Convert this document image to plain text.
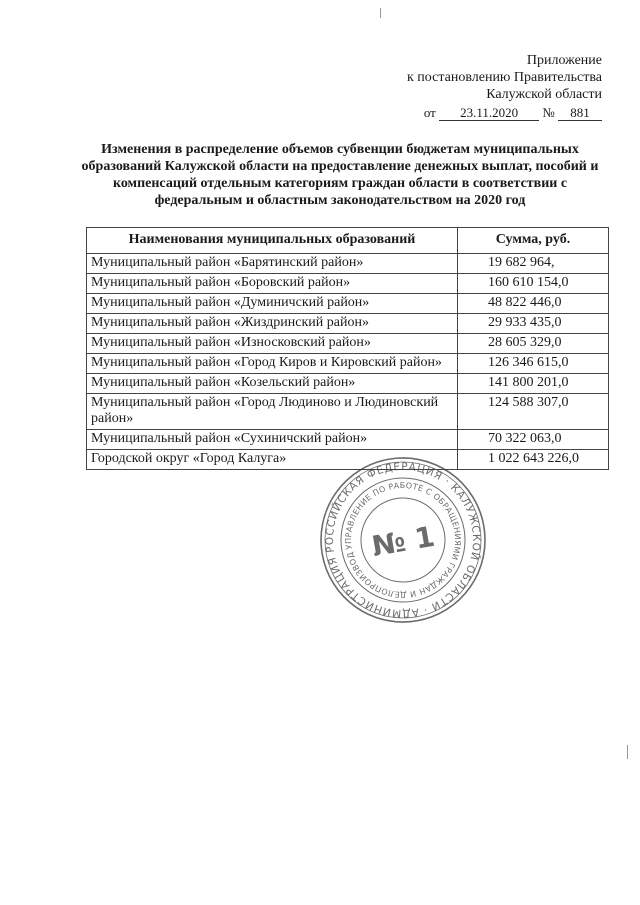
Приложение
к постановлению Правительства
Калужской области
от 23.11.2020 № 881
Изменения в распределение объемов субвенции бюджетам муниципальных образований Калужской области на предоставление денежных выплат, пособий и компенсаций отдельным категориям граждан области в соответствии с федеральным и областным законодательством на 2020 год
Наименования муниципальных образований	Сумма, руб.
Муниципальный район «Барятинский район»	19 682 964,
Муниципальный район «Боровский район»	160 610 154,0
Муниципальный район «Думиничский район»	48 822 446,0
Муниципальный район «Жиздринский район»	29 933 435,0
Муниципальный район «Износковский район»	28 605 329,0
Муниципальный район «Город Киров и Кировский район»	126 346 615,0
Муниципальный район «Козельский район»	141 800 201,0
Муниципальный район «Город Людиново и Людиновский район»	124 588 307,0
Муниципальный район «Сухиничский район»	70 322 063,0
Городской округ «Город Калуга»	1 022 643 226,0
РОССИЙСКАЯ ФЕДЕРАЦИЯ · КАЛУЖСКОЙ ОБЛАСТИ · АДМИНИСТРАЦИЯ ГУБЕРНАТОРА ·
УПРАВЛЕНИЕ ПО РАБОТЕ С ОБРАЩЕНИЯМИ ГРАЖДАН И ДЕЛОПРОИЗВОДСТВА
№ 1
